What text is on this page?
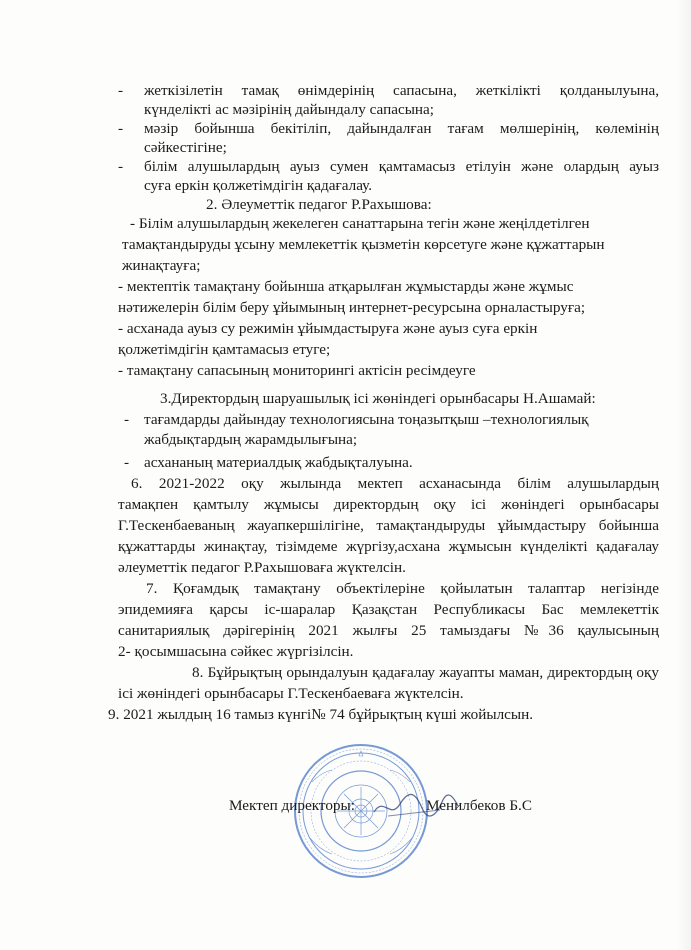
- жеткізілетін тамақ өнімдерінің сапасына, жеткілікті қолданылуына,
күнделікті ас мәзірінің дайындалу сапасына;
- мәзір бойынша бекітіліп, дайындалған тағам мөлшерінің, көлемінің
сәйкестігіне;
- білім алушылардың ауыз сумен қамтамасыз етілуін және олардың ауыз
суға еркін қолжетімдігін қадағалау.
2. Әлеуметтік педагог Р.Рахышова:
- Білім алушылардың жекелеген санаттарына тегін және жеңілдетілген
тамақтандыруды ұсыну мемлекеттік қызметін көрсетуге және құжаттарын
жинақтауға;
- мектептік тамақтану бойынша атқарылған жұмыстарды және жұмыс
нәтижелерін білім беру ұйымының интернет-ресурсына орналастыруға;
- асханада ауыз су режимін ұйымдастыруға және ауыз суға еркін
қолжетімдігін қамтамасыз етуге;
- тамақтану сапасының мониторингі актісін ресімдеуге
3.Директордың шаруашылық ісі жөніндегі орынбасары Н.Ашамай:
- тағамдарды дайындау технологиясына тоңазытқыш –технологиялық
жабдықтардың жарамдылығына;
- асхананың материалдық жабдықталуына.
6. 2021-2022 оқу жылында мектеп асханасында білім алушылардың
тамақпен қамтылу жұмысы директордың оқу ісі жөніндегі орынбасары
Г.Тескенбаеваның жауапкершілігіне, тамақтандыруды ұйымдастыру бойынша
құжаттарды жинақтау, тізімдеме жүргізу,асхана жұмысын күнделікті қадағалау
әлеуметтік педагог Р.Рахышоваға жүктелсін.
7. Қоғамдық тамақтану объектілеріне қойылатын талаптар негізінде
эпидемияға қарсы іс-шаралар Қазақстан Республикасы Бас мемлекеттік
санитариялық дәрігерінің 2021 жылғы 25 тамыздағы №36 қаулысының
2- қосымшасына сәйкес жүргізілсін.
8. Бұйрықтың орындалуын қадағалау жауапты маман, директордың оқу
ісі жөніндегі орынбасары Г.Тескенбаеваға жүктелсін.
9. 2021 жылдың 16 тамыз күнгі№ 74 бұйрықтың күші жойылсын.
Мектеп директоры:	Менилбеков Б.С
